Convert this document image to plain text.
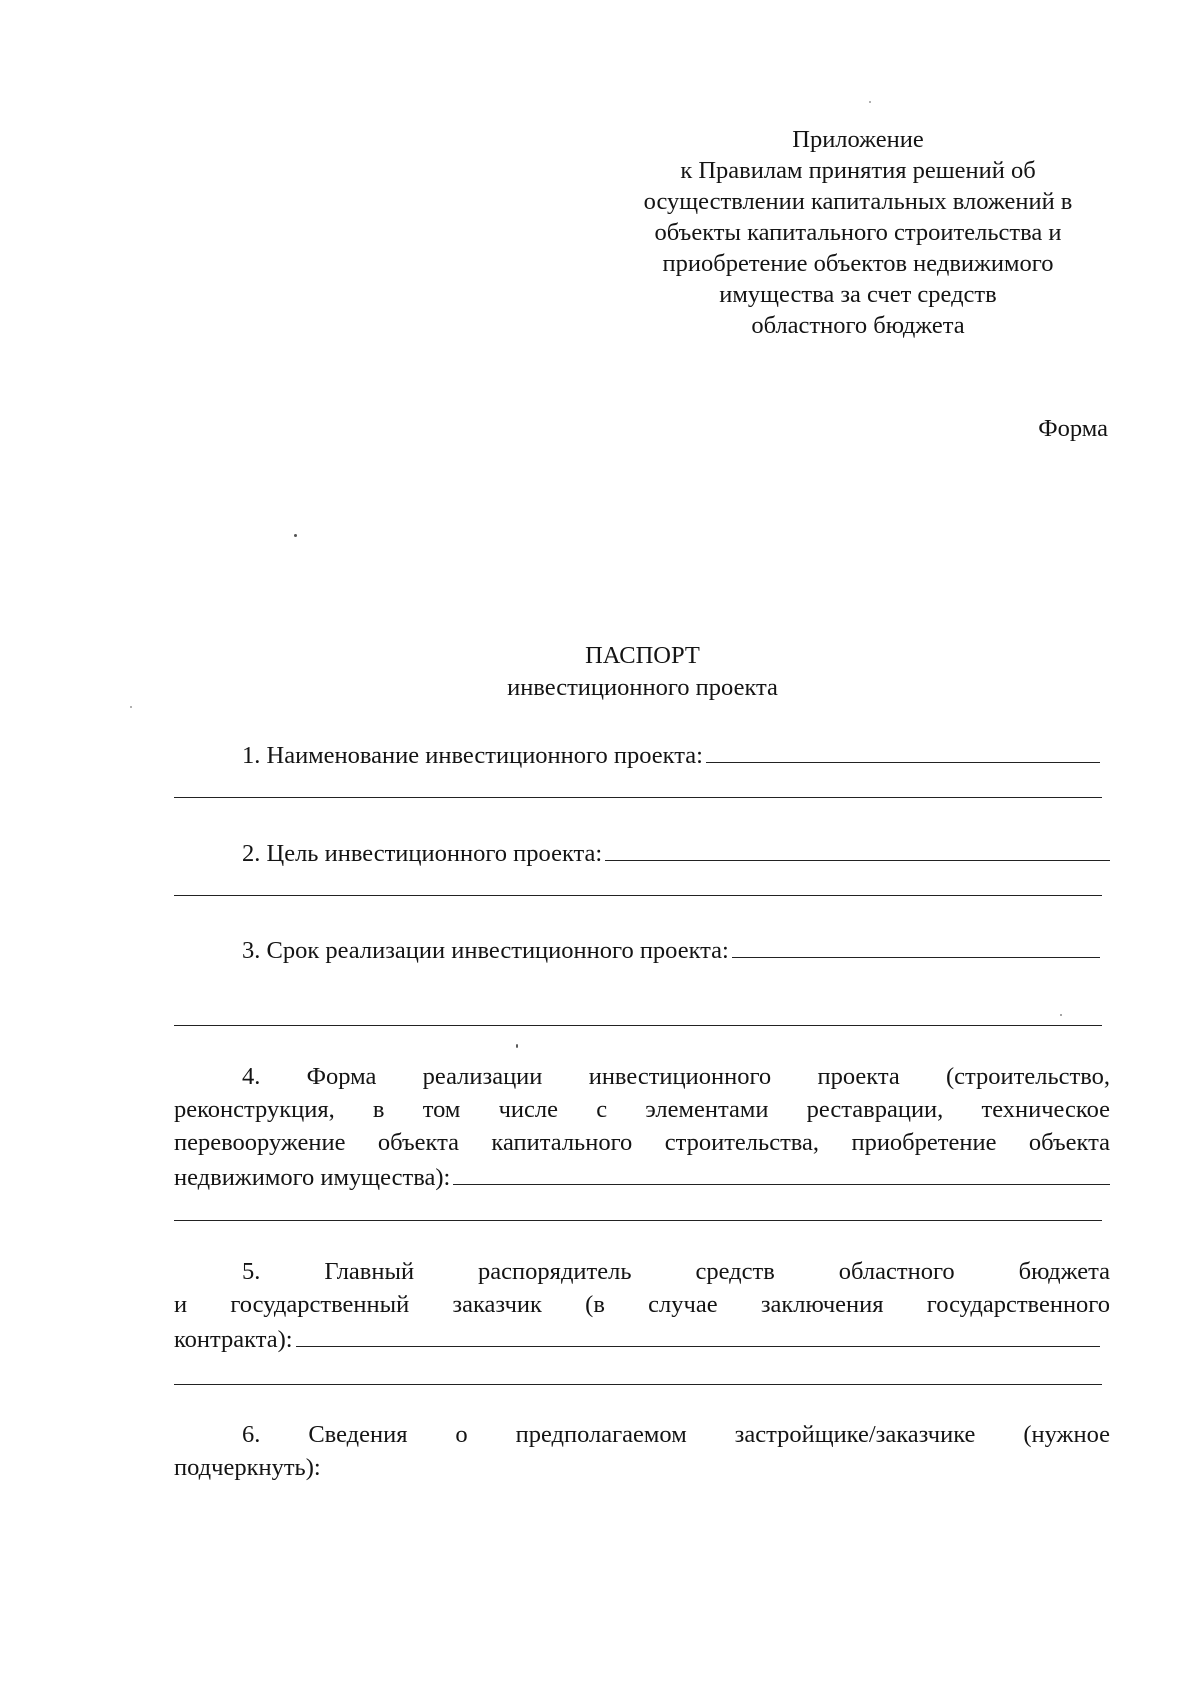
Приложение
к Правилам принятия решений об
осуществлении капитальных вложений в
объекты капитального строительства и
приобретение объектов недвижимого
имущества за счет средств
областного бюджета
Форма
ПАСПОРТ
инвестиционного проекта
1. Наименование инвестиционного проекта:
2. Цель инвестиционного проекта:
3. Срок реализации инвестиционного проекта:
4. Форма реализации инвестиционного проекта (строительство,
реконструкция, в том числе с элементами реставрации, техническое
перевооружение объекта капитального строительства, приобретение объекта
недвижимого имущества):
5. Главный распорядитель средств областного бюджета
и государственный заказчик (в случае заключения государственного
контракта):
6. Сведения о предполагаемом застройщике/заказчике (нужное
подчеркнуть):
